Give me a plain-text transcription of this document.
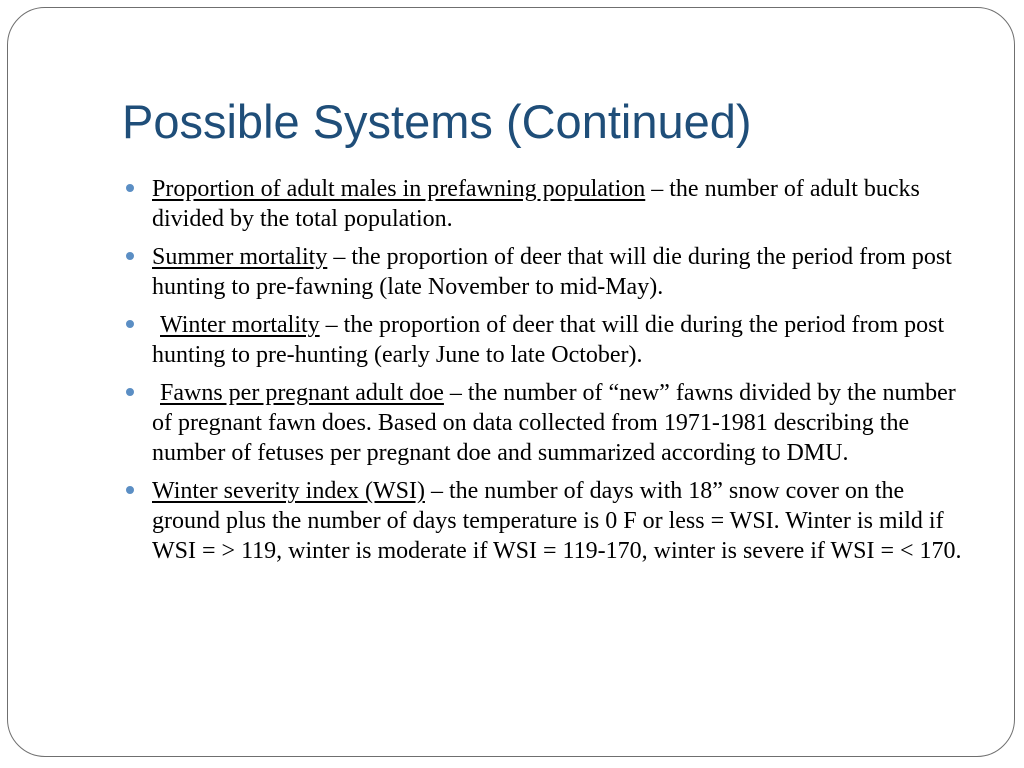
Possible Systems (Continued)
Proportion of adult males in prefawning population – the number of adult bucks divided by the total population.
Summer mortality – the proportion of deer that will die during the period from post hunting to pre-fawning (late November to mid-May).
Winter mortality – the proportion of deer that will die during the period from post hunting to pre-hunting (early June to late October).
Fawns per pregnant adult doe – the number of “new” fawns divided by the number of pregnant fawn does. Based on data collected from 1971-1981 describing the number of fetuses per pregnant doe and summarized according to DMU.
Winter severity index (WSI) – the number of days with 18” snow cover on the ground plus the number of days temperature is 0 F or less = WSI. Winter is mild if WSI = > 119, winter is moderate if WSI = 119-170, winter is severe if WSI = < 170.
